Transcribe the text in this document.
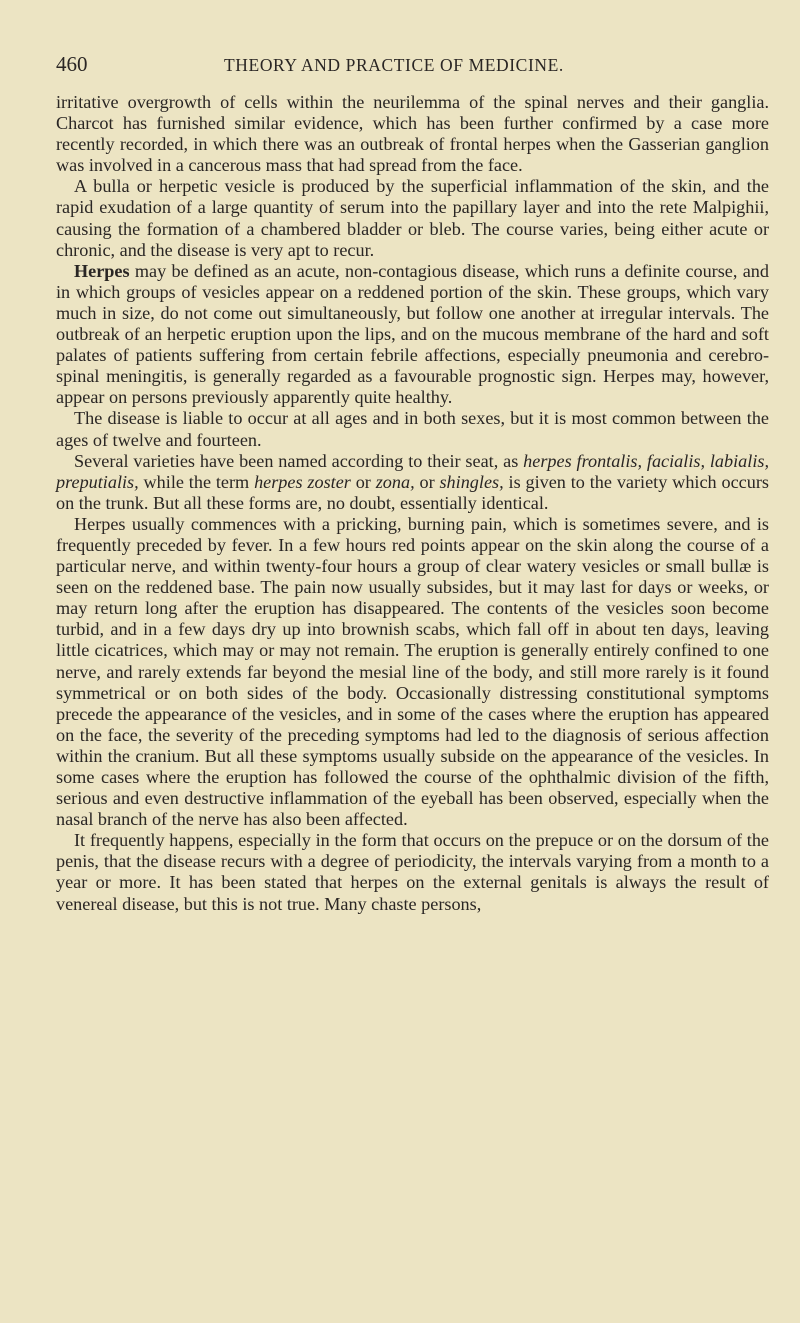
460	THEORY AND PRACTICE OF MEDICINE.

irritative overgrowth of cells within the neurilemma of the spinal nerves and their ganglia. Charcot has furnished similar evidence, which has been further confirmed by a case more recently recorded, in which there was an outbreak of frontal herpes when the Gasserian ganglion was involved in a cancerous mass that had spread from the face.

A bulla or herpetic vesicle is produced by the superficial inflammation of the skin, and the rapid exudation of a large quantity of serum into the papillary layer and into the rete Malpighii, causing the formation of a chambered bladder or bleb. The course varies, being either acute or chronic, and the disease is very apt to recur.

Herpes may be defined as an acute, non-contagious disease, which runs a definite course, and in which groups of vesicles appear on a reddened portion of the skin. These groups, which vary much in size, do not come out simultaneously, but follow one another at irregular intervals. The outbreak of an herpetic eruption upon the lips, and on the mucous membrane of the hard and soft palates of patients suffering from certain febrile affections, especially pneumonia and cerebro-spinal meningitis, is generally regarded as a favourable prognostic sign. Herpes may, however, appear on persons previously apparently quite healthy.

The disease is liable to occur at all ages and in both sexes, but it is most common between the ages of twelve and fourteen.

Several varieties have been named according to their seat, as herpes frontalis, facialis, labialis, preputialis, while the term herpes zoster or zona, or shingles, is given to the variety which occurs on the trunk. But all these forms are, no doubt, essentially identical.

Herpes usually commences with a pricking, burning pain, which is sometimes severe, and is frequently preceded by fever. In a few hours red points appear on the skin along the course of a particular nerve, and within twenty-four hours a group of clear watery vesicles or small bullæ is seen on the reddened base. The pain now usually subsides, but it may last for days or weeks, or may return long after the eruption has disappeared. The contents of the vesicles soon become turbid, and in a few days dry up into brownish scabs, which fall off in about ten days, leaving little cicatrices, which may or may not remain. The eruption is generally entirely confined to one nerve, and rarely extends far beyond the mesial line of the body, and still more rarely is it found symmetrical or on both sides of the body. Occasionally distressing constitutional symptoms precede the appearance of the vesicles, and in some of the cases where the eruption has appeared on the face, the severity of the preceding symptoms had led to the diagnosis of serious affection within the cranium. But all these symptoms usually subside on the appearance of the vesicles. In some cases where the eruption has followed the course of the ophthalmic division of the fifth, serious and even destructive inflammation of the eyeball has been observed, especially when the nasal branch of the nerve has also been affected.

It frequently happens, especially in the form that occurs on the prepuce or on the dorsum of the penis, that the disease recurs with a degree of periodicity, the intervals varying from a month to a year or more. It has been stated that herpes on the external genitals is always the result of venereal disease, but this is not true. Many chaste persons,
